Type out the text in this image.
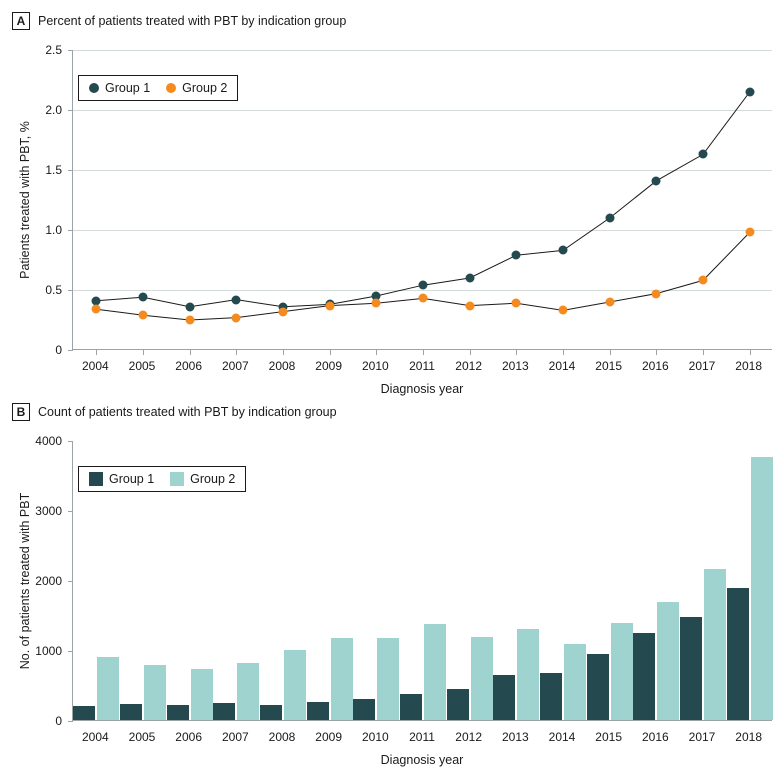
A	Percent of patients treated with PBT by indication group
0
0.5
1.0
1.5
2.0
2.5
2004 2005 2006 2007 2008 2009 2010 2011 2012 2013 2014 2015 2016 2017 2018
Diagnosis year
Patients treated with PBT, %
Group 1	Group 2
B	Count of patients treated with PBT by indication group
0
1000
2000
3000
4000
2004 2005 2006 2007 2008 2009 2010 2011 2012 2013 2014 2015 2016 2017 2018
Diagnosis year
No. of patients treated with PBT
Group 1	Group 2
